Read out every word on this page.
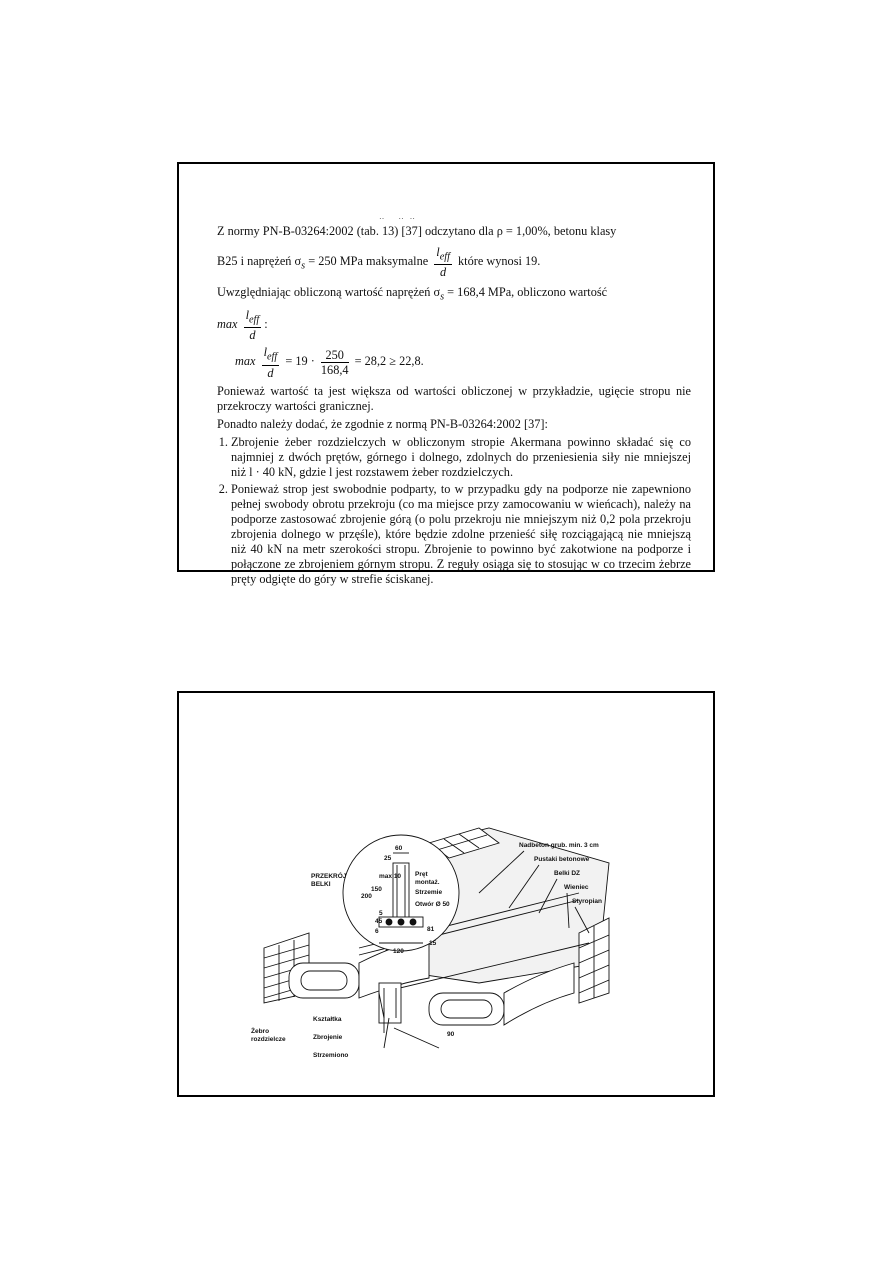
‥ ‥‥

Z normy PN-B-03264:2002 (tab. 13) [37] odczytano dla ρ = 1,00%, betonu klasy

B25 i naprężeń $\sigma_s = 250$ MPa maksymalne $\frac{l_{eff}}{d}$ które wynosi 19.

Uwzględniając obliczoną wartość naprężeń $\sigma_s = 168,4$ MPa, obliczono wartość

$\max \frac{l_{eff}}{d}$ :

$\max \frac{l_{eff}}{d} = 19 \cdot \frac{250}{168,4} = 28,2 \ge 22,8$.

Ponieważ wartość ta jest większa od wartości obliczonej w przykładzie, ugięcie stropu nie przekroczy wartości granicznej.

Ponadto należy dodać, że zgodnie z normą PN-B-03264:2002 [37]:

1. Zbrojenie żeber rozdzielczych w obliczonym stropie Akermana powinno składać się co najmniej z dwóch prętów, górnego i dolnego, zdolnych do przeniesienia siły nie mniejszej niż l · 40 kN, gdzie l jest rozstawem żeber rozdzielczych.
2. Ponieważ strop jest swobodnie podparty, to w przypadku gdy na podporze nie zapewniono pełnej swobody obrotu przekroju (co ma miejsce przy zamocowaniu w wieńcach), należy na podporze zastosować zbrojenie górą (o polu przekroju nie mniejszym niż 0,2 pola przekroju zbrojenia dolnego w przęśle), które będzie zdolne przenieść siłę rozciągającą nie mniejszą niż 40 kN na metr szerokości stropu. Zbrojenie to powinno być zakotwione na podporze i połączone ze zbrojeniem górnym stropu. Z reguły osiąga się to stosując w co trzecim żebrze pręty odgięte do góry w strefie ściskanej.
Nadbeton grub. min. 3 cm
Pustaki betonowe
Belki DZ
Wieniec
Styropian
PRZEKRÓJ
BELKI
Pręt
montaż.
Strzemie
Otwór Ø 50
Żebro
rozdzielcze
Kształtka
Zbrojenie
Strzemiono
60
120
25
200
150
45
5
6	81
15
max 10
90
